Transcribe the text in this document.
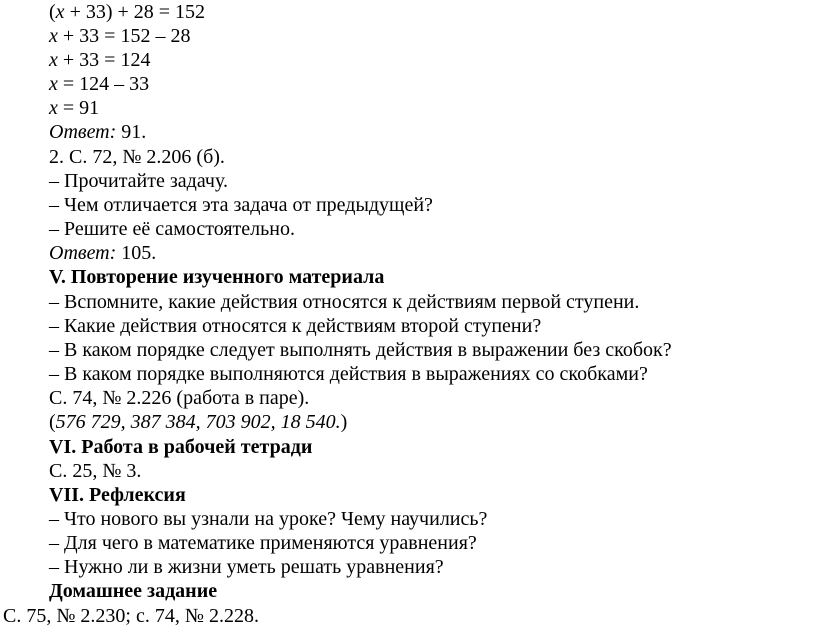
(x + 33) + 28 = 152
x + 33 = 152 – 28
x + 33 = 124
x = 124 – 33
x = 91
Ответ: 91.
2. С. 72, № 2.206 (б).
– Прочитайте задачу.
– Чем отличается эта задача от предыдущей?
– Решите её самостоятельно.
Ответ: 105.
V. Повторение изученного материала
– Вспомните, какие действия относятся к действиям первой ступени.
– Какие действия относятся к действиям второй ступени?
– В каком порядке следует выполнять действия в выражении без скобок?
– В каком порядке выполняются действия в выражениях со скобками?
С. 74, № 2.226 (работа в паре).
(576 729, 387 384, 703 902, 18 540.)
VI. Работа в рабочей тетради
С. 25, № 3.
VII. Рефлексия
– Что нового вы узнали на уроке? Чему научились?
– Для чего в математике применяются уравнения?
– Нужно ли в жизни уметь решать уравнения?
Домашнее задание
С. 75, № 2.230; с. 74, № 2.228.
